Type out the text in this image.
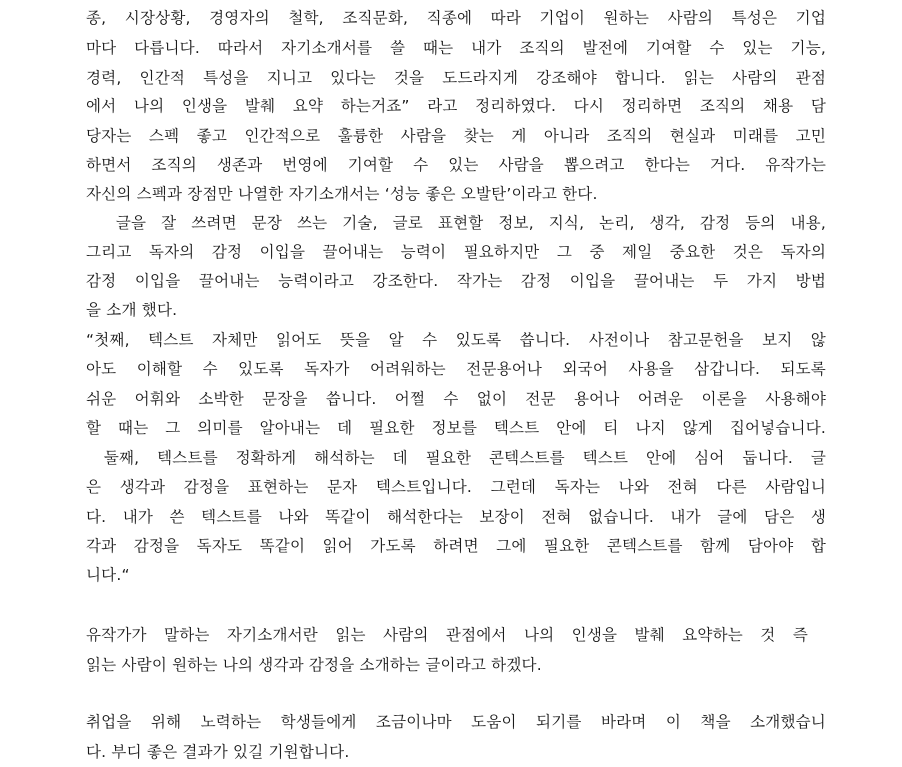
종, 시장상황, 경영자의 철학, 조직문화, 직종에 따라 기업이 원하는 사람의 특성은 기업
마다 다릅니다. 따라서 자기소개서를 쓸 때는 내가 조직의 발전에 기여할 수 있는 기능,
경력, 인간적 특성을 지니고 있다는 것을 도드라지게 강조해야 합니다. 읽는 사람의 관점
에서 나의 인생을 발췌 요약 하는거죠” 라고 정리하였다. 다시 정리하면 조직의 채용 담
당자는 스펙 좋고 인간적으로 훌륭한 사람을 찾는 게 아니라 조직의 현실과 미래를 고민
하면서 조직의 생존과 번영에 기여할 수 있는 사람을 뽑으려고 한다는 거다. 유작가는
자신의 스펙과 장점만 나열한 자기소개서는 ‘성능 좋은 오발탄’이라고 한다.
글을 잘 쓰려면 문장 쓰는 기술, 글로 표현할 정보, 지식, 논리, 생각, 감정 등의 내용,
그리고 독자의 감정 이입을 끌어내는 능력이 필요하지만 그 중 제일 중요한 것은 독자의
감정 이입을 끌어내는 능력이라고 강조한다. 작가는 감정 이입을 끌어내는 두 가지 방법
을 소개 했다.
“첫째, 텍스트 자체만 읽어도 뜻을 알 수 있도록 씁니다. 사전이나 참고문헌을 보지 않
아도 이해할 수 있도록 독자가 어려워하는 전문용어나 외국어 사용을 삼갑니다. 되도록
쉬운 어휘와 소박한 문장을 씁니다. 어쩔 수 없이 전문 용어나 어려운 이론을 사용해야
할 때는 그 의미를 알아내는 데 필요한 정보를 텍스트 안에 티 나지 않게 집어넣습니다.
둘째, 텍스트를 정확하게 해석하는 데 필요한 콘텍스트를 텍스트 안에 심어 둡니다. 글
은 생각과 감정을 표현하는 문자 텍스트입니다. 그런데 독자는 나와 전혀 다른 사람입니
다. 내가 쓴 텍스트를 나와 똑같이 해석한다는 보장이 전혀 없습니다. 내가 글에 담은 생
각과 감정을 독자도 똑같이 읽어 가도록 하려면 그에 필요한 콘텍스트를 함께 담아야 합
니다.“
유작가가 말하는 자기소개서란 읽는 사람의 관점에서 나의 인생을 발췌 요약하는 것 즉
읽는 사람이 원하는 나의 생각과 감정을 소개하는 글이라고 하겠다.
취업을 위해 노력하는 학생들에게 조금이나마 도움이 되기를 바라며 이 책을 소개했습니
다. 부디 좋은 결과가 있길 기원합니다.
